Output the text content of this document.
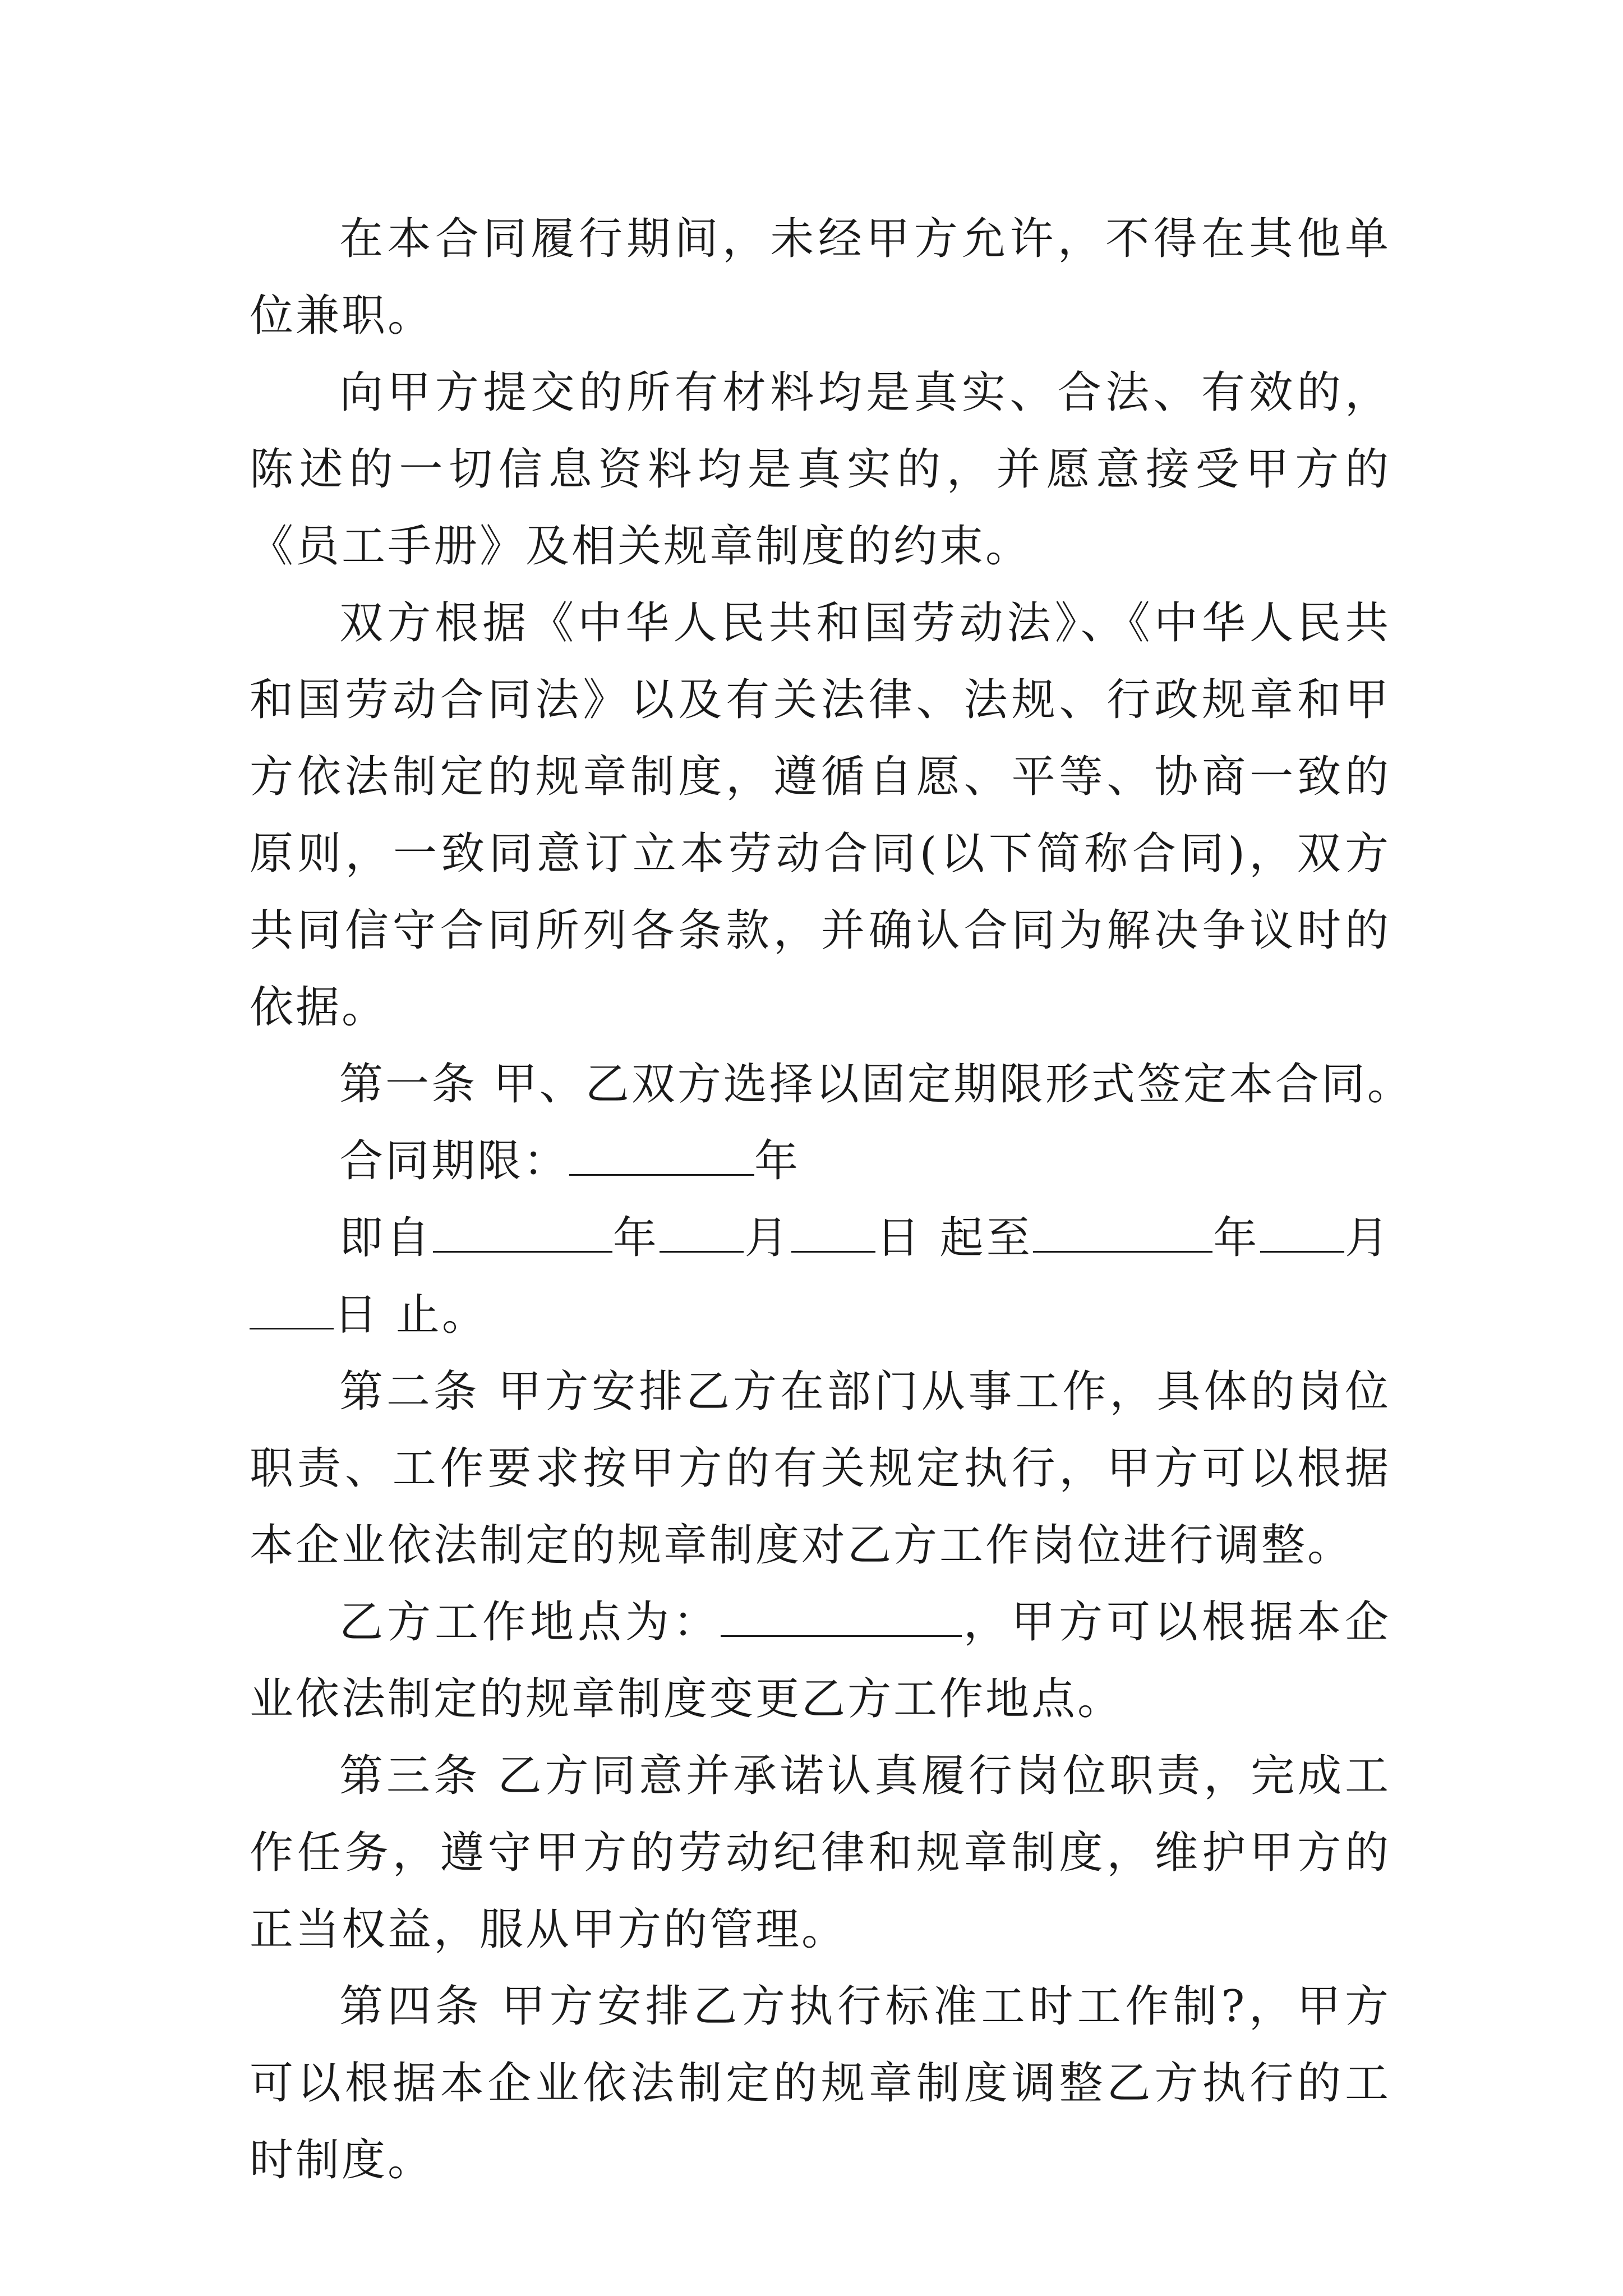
在本合同履行期间，未经甲方允许，不得在其他单位兼职。

向甲方提交的所有材料均是真实、合法、有效的，陈述的一切信息资料均是真实的，并愿意接受甲方的《员工手册》及相关规章制度的约束。

双方根据《中华人民共和国劳动法》、《中华人民共和国劳动合同法》以及有关法律、法规、行政规章和甲方依法制定的规章制度，遵循自愿、平等、协商一致的原则，一致同意订立本劳动合同(以下简称合同)，双方共同信守合同所列各条款，并确认合同为解决争议时的依据。

第一条 甲、乙双方选择以固定期限形式签定本合同。

合同期限：	年

即自	年 月 日 起至	年 月日 止。

第二条 甲方安排乙方在部门从事工作，具体的岗位职责、工作要求按甲方的有关规定执行，甲方可以根据本企业依法制定的规章制度对乙方工作岗位进行调整。

乙方工作地点为：	，甲方可以根据本企业依法制定的规章制度变更乙方工作地点。

第三条 乙方同意并承诺认真履行岗位职责，完成工作任务，遵守甲方的劳动纪律和规章制度，维护甲方的正当权益，服从甲方的管理。

第四条 甲方安排乙方执行标准工时工作制?，甲方可以根据本企业依法制定的规章制度调整乙方执行的工时制度。
